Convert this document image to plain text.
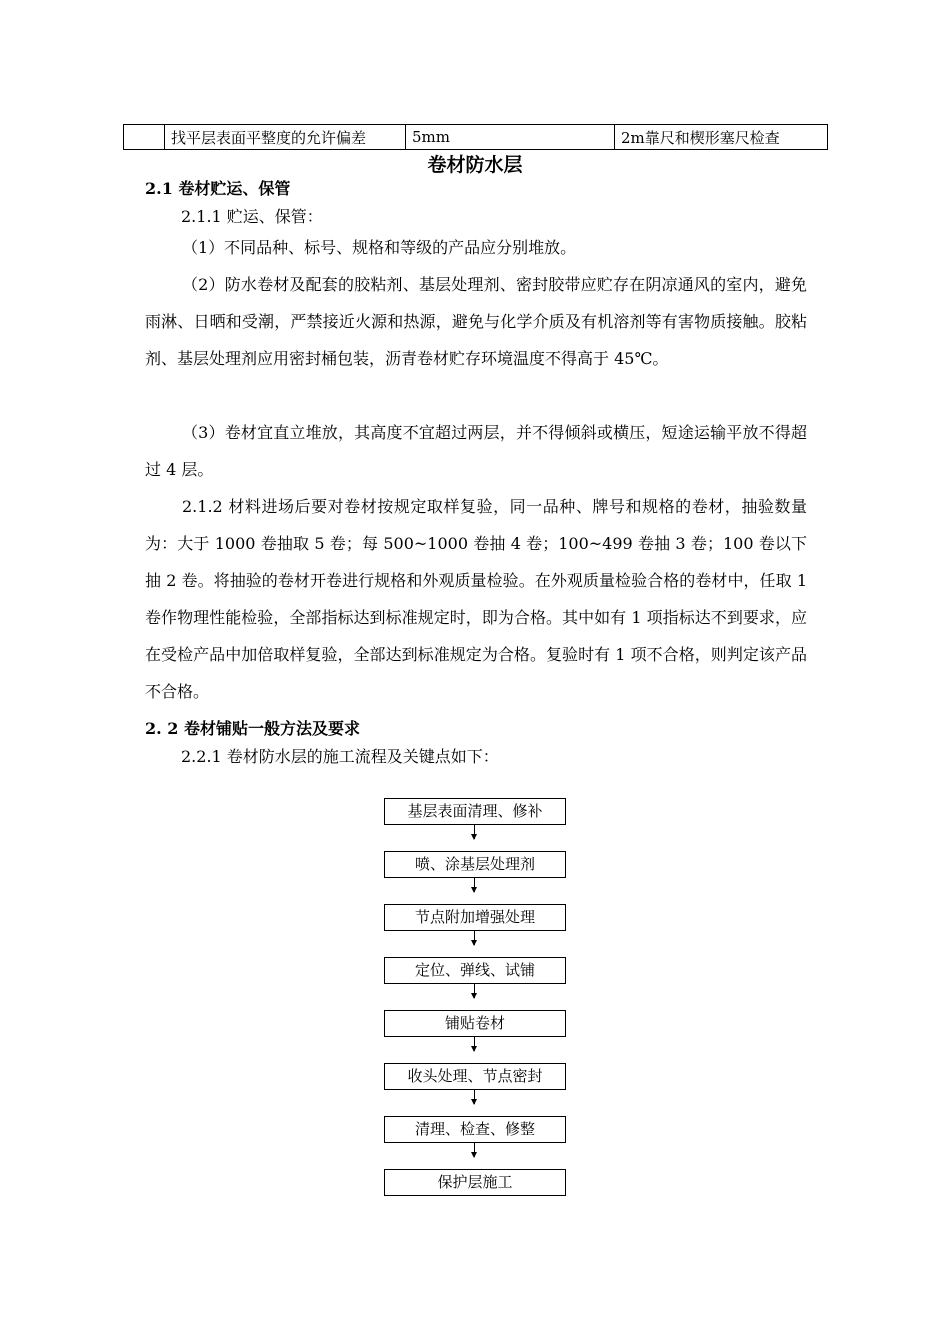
	找平层表面平整度的允许偏差	5mm	2m靠尺和楔形塞尺检查
卷材防水层
2.1 卷材贮运、保管
2.1.1 贮运、保管：
（1）不同品种、标号、规格和等级的产品应分别堆放。
（2）防水卷材及配套的胶粘剂、基层处理剂、密封胶带应贮存在阴凉通风的室内，避免雨淋、日晒和受潮，严禁接近火源和热源，避免与化学介质及有机溶剂等有害物质接触。胶粘剂、基层处理剂应用密封桶包装，沥青卷材贮存环境温度不得高于 45℃。
（3）卷材宜直立堆放，其高度不宜超过两层，并不得倾斜或横压，短途运输平放不得超过 4 层。
2.1.2 材料进场后要对卷材按规定取样复验，同一品种、牌号和规格的卷材，抽验数量为：大于 1000 卷抽取 5 卷；每 500~1000 卷抽 4 卷；100~499 卷抽 3 卷；100 卷以下抽 2 卷。将抽验的卷材开卷进行规格和外观质量检验。在外观质量检验合格的卷材中，任取 1 卷作物理性能检验，全部指标达到标准规定时，即为合格。其中如有 1 项指标达不到要求，应在受检产品中加倍取样复验，全部达到标准规定为合格。复验时有 1 项不合格，则判定该产品不合格。
2. 2 卷材铺贴一般方法及要求
2.2.1 卷材防水层的施工流程及关键点如下：
基层表面清理、修补
喷、涂基层处理剂
节点附加增强处理
定位、弹线、试铺
铺贴卷材
收头处理、节点密封
清理、检查、修整
保护层施工
